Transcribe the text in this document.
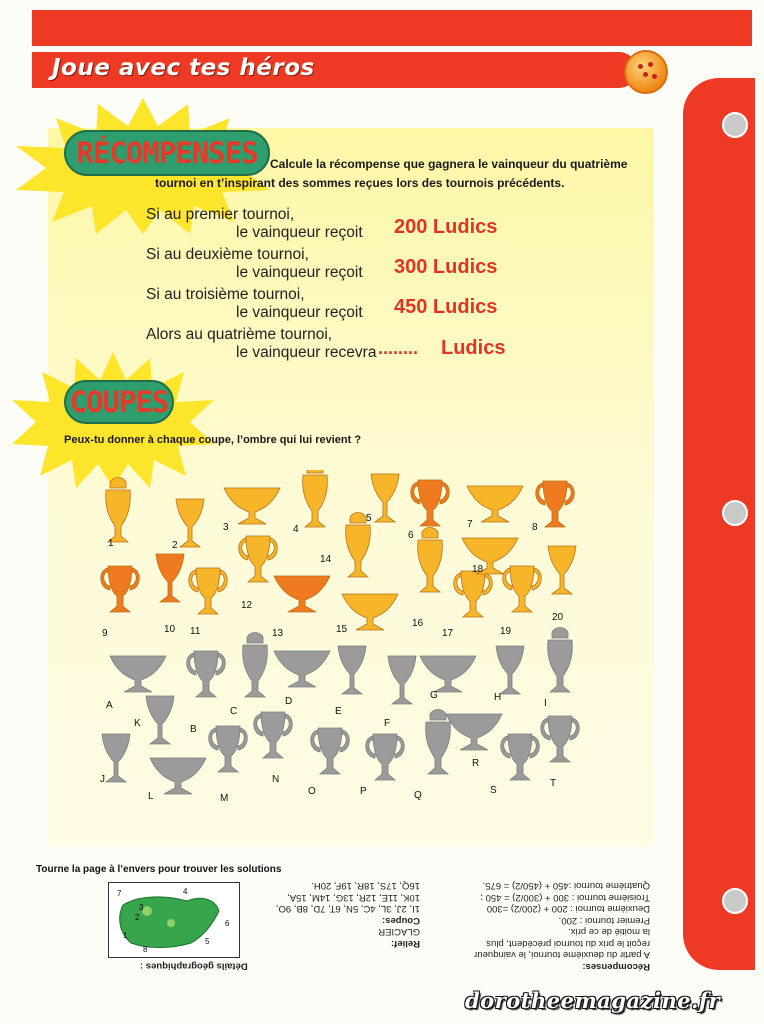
Joue avec tes héros
RÉCOMPENSES	Calcule la récompense que gagnera le vainqueur du quatrième
tournoi en t’inspirant des sommes reçues lors des tournois précédents.
Si au premier tournoi,
le vainqueur reçoit 200 Ludics
Si au deuxième tournoi,
le vainqueur reçoit 300 Ludics
Si au troisième tournoi,
le vainqueur reçoit 450 Ludics
Alors au quatrième tournoi,
le vainqueur recevra ........ Ludics
COUPES
Peux-tu donner à chaque coupe, l’ombre qui lui revient ?
1	2
3	4
5
6
7	8
9	10 11
12
13
14
15
16
17
18
19
20
A
B
C
D
E
F
G	H
I
J
K
L	M
N
O	P	Q
R
S
T
Tourne la page à l’envers pour trouver les solutions
1
2
3
4
5
6
7
8
Détails géographiques :
Relief:
GLACIER
Coupes:
1I, 2J, 3L, 4C, 5N, 6T, 7D, 8B, 9O,
10K, 11E, 12R, 13G, 14M, 15A,
16Q, 17S, 18R, 19F, 20H.
Récompenses:
A partir du deuxième tournoi, le vainqueur
reçoit le prix du tournoi précédent, plus
la moitié de ce prix.
Premier tournoi : 200.
Deuxième tournoi : 200 + (200/2) =300
Troisième tournoi : 300 + (300/2) = 450 ;
Quatrième tournoi :450 + (450/2) = 675.
dorotheemagazine.fr
